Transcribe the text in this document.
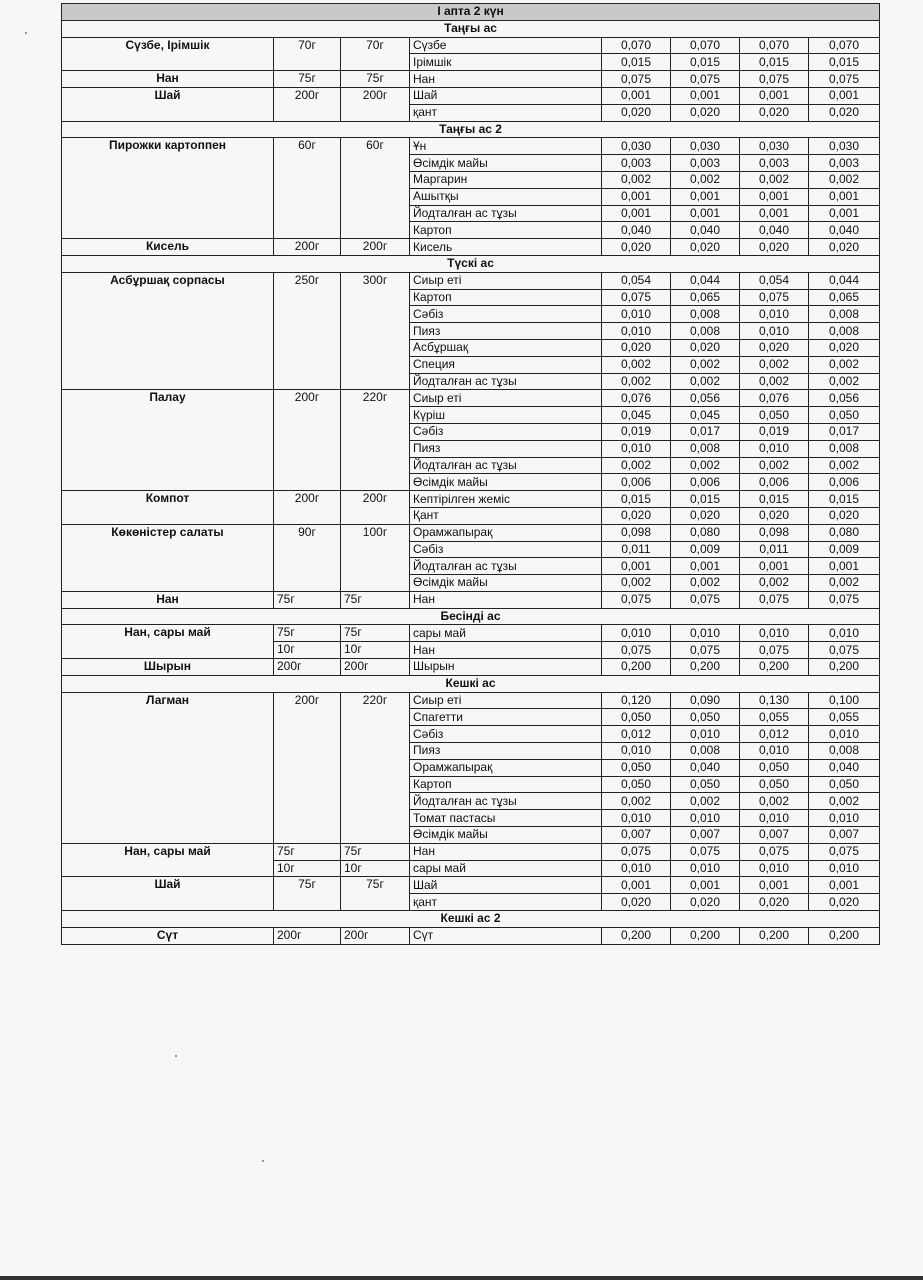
I апта 2 күн							
Таңғы ас							
Сүзбе, Ірімшік	70г	70г	Сүзбе	0,070	0,070	0,070	0,070
			Ірімшік	0,015	0,015	0,015	0,015
Нан	75г	75г	Нан	0,075	0,075	0,075	0,075
Шай	200г	200г	Шай	0,001	0,001	0,001	0,001
			қант	0,020	0,020	0,020	0,020
Таңғы ас 2							
Пирожки картоппен	60г	60г	Ұн	0,030	0,030	0,030	0,030
			Өсімдік майы	0,003	0,003	0,003	0,003
			Маргарин	0,002	0,002	0,002	0,002
			Ашытқы	0,001	0,001	0,001	0,001
			Йодталған ас тұзы	0,001	0,001	0,001	0,001
			Картоп	0,040	0,040	0,040	0,040
Кисель	200г	200г	Кисель	0,020	0,020	0,020	0,020
Түскі ас							
Асбұршақ сорпасы	250г	300г	Сиыр еті	0,054	0,044	0,054	0,044
			Картоп	0,075	0,065	0,075	0,065
			Сәбіз	0,010	0,008	0,010	0,008
			Пияз	0,010	0,008	0,010	0,008
			Асбұршақ	0,020	0,020	0,020	0,020
			Специя	0,002	0,002	0,002	0,002
			Йодталған ас тұзы	0,002	0,002	0,002	0,002
Палау	200г	220г	Сиыр еті	0,076	0,056	0,076	0,056
			Күріш	0,045	0,045	0,050	0,050
			Сәбіз	0,019	0,017	0,019	0,017
			Пияз	0,010	0,008	0,010	0,008
			Йодталған ас тұзы	0,002	0,002	0,002	0,002
			Өсімдік майы	0,006	0,006	0,006	0,006
Компот	200г	200г	Кептірілген жеміс	0,015	0,015	0,015	0,015
			Қант	0,020	0,020	0,020	0,020
Көкөністер салаты	90г	100г	Орамжапырақ	0,098	0,080	0,098	0,080
			Сәбіз	0,011	0,009	0,011	0,009
			Йодталған ас тұзы	0,001	0,001	0,001	0,001
			Өсімдік майы	0,002	0,002	0,002	0,002
Нан	75г	75г	Нан	0,075	0,075	0,075	0,075
Бесінді ас							
Нан, сары май	75г	75г	сары май	0,010	0,010	0,010	0,010
	10г	10г	Нан	0,075	0,075	0,075	0,075
Шырын	200г	200г	Шырын	0,200	0,200	0,200	0,200
Кешкі ас							
Лагман	200г	220г	Сиыр еті	0,120	0,090	0,130	0,100
			Спагетти	0,050	0,050	0,055	0,055
			Сәбіз	0,012	0,010	0,012	0,010
			Пияз	0,010	0,008	0,010	0,008
			Орамжапырақ	0,050	0,040	0,050	0,040
			Картоп	0,050	0,050	0,050	0,050
			Йодталған ас тұзы	0,002	0,002	0,002	0,002
			Томат пастасы	0,010	0,010	0,010	0,010
			Өсімдік майы	0,007	0,007	0,007	0,007
Нан, сары май	75г	75г	Нан	0,075	0,075	0,075	0,075
	10г	10г	сары май	0,010	0,010	0,010	0,010
Шай	75г	75г	Шай	0,001	0,001	0,001	0,001
			қант	0,020	0,020	0,020	0,020
Кешкі ас 2							
Сүт	200г	200г	Сүт	0,200	0,200	0,200	0,200
